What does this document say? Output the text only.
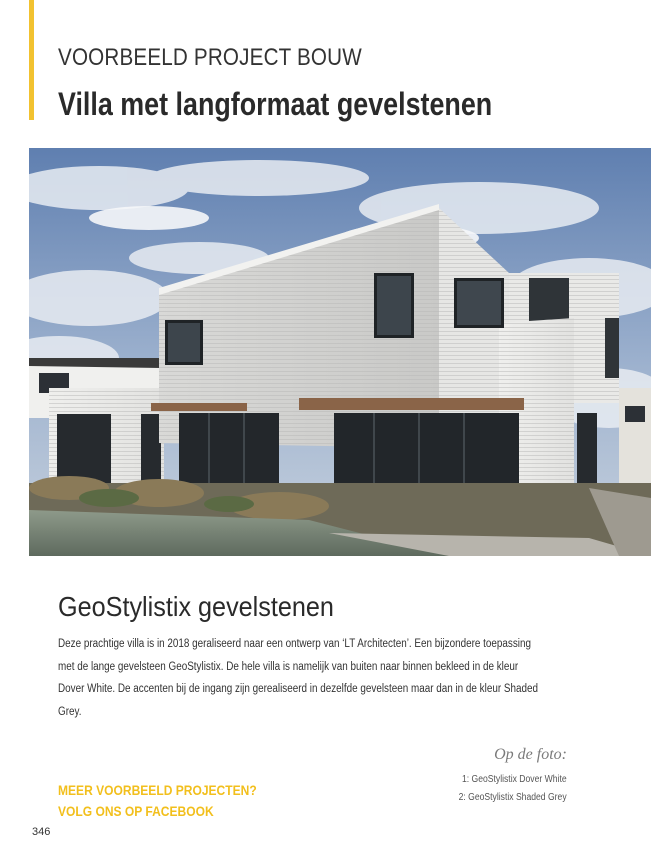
VOORBEELD PROJECT BOUW
Villa met langformaat gevelstenen
GeoStylistix gevelstenen
Deze prachtige villa is in 2018 geraliseerd naar een ontwerp van ‘LT Architecten’. Een bijzondere toepassing met de lange gevelsteen GeoStylistix. De hele villa is namelijk van buiten naar binnen bekleed in de kleur Dover White. De accenten bij de ingang zijn gerealiseerd in dezelfde gevelsteen maar dan in de kleur Shaded Grey.
Op de foto:
1: GeoStylistix Dover White
2: GeoStylistix Shaded Grey
MEER VOORBEELD PROJECTEN?
VOLG ONS OP FACEBOOK
346
